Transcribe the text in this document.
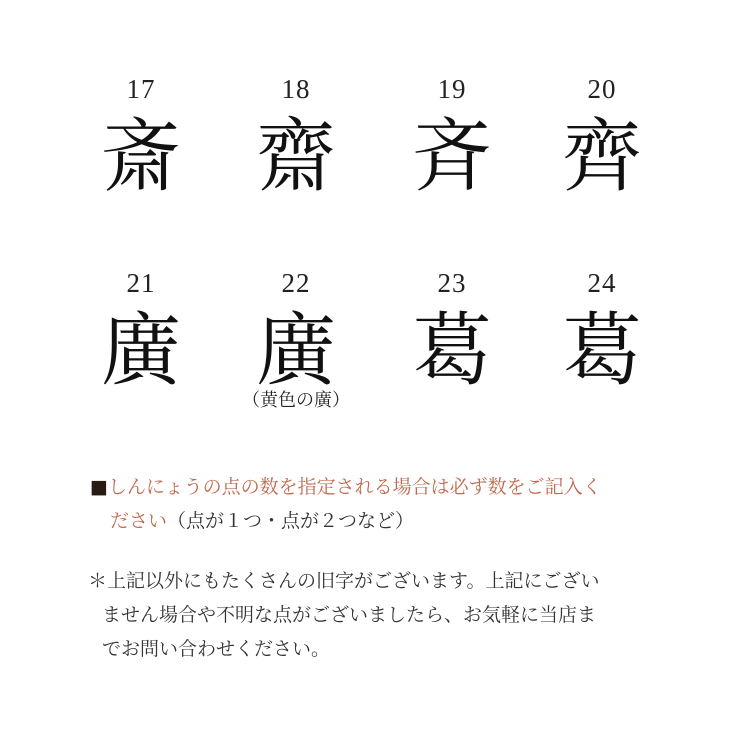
17
斎
18
齋
19
斉
20
齊
21
廣
22
廣
（黄色の廣）
23
葛
24
葛
■しんにょうの点の数を指定される場合は必ず数をご記入く
ださい（点が１つ・点が２つなど）
＊上記以外にもたくさんの旧字がございます。上記にござい
ません場合や不明な点がございましたら、お気軽に当店ま
でお問い合わせください。
